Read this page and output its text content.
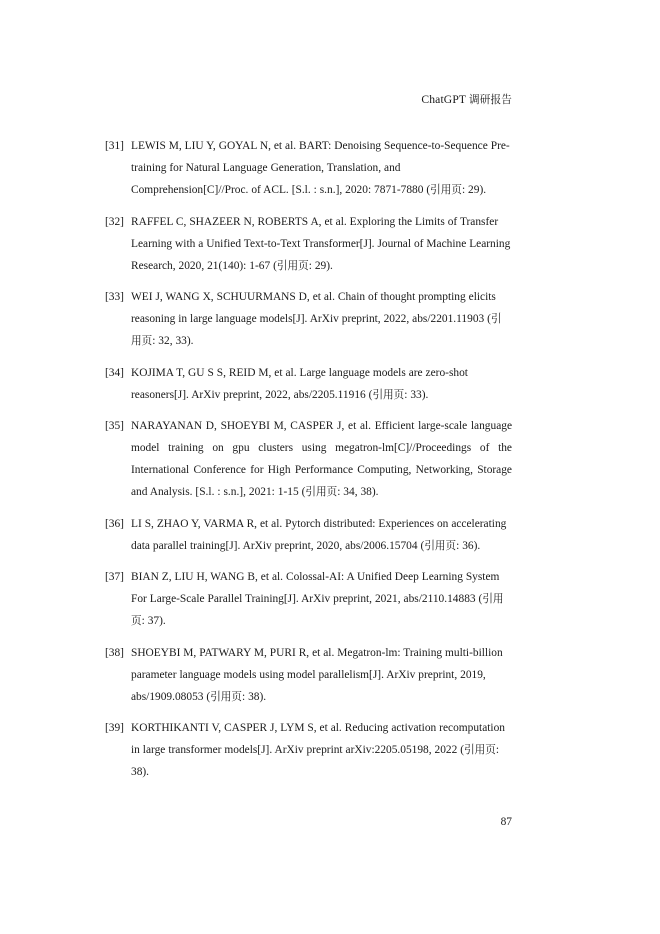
ChatGPT 调研报告
[31] LEWIS M, LIU Y, GOYAL N, et al. BART: Denoising Sequence-to-Sequence Pre-training for Natural Language Generation, Translation, and Comprehension[C]//Proc. of ACL. [S.l. : s.n.], 2020: 7871-7880 (引用页: 29).
[32] RAFFEL C, SHAZEER N, ROBERTS A, et al. Exploring the Limits of Transfer Learning with a Unified Text-to-Text Transformer[J]. Journal of Machine Learning Research, 2020, 21(140): 1-67 (引用页: 29).
[33] WEI J, WANG X, SCHUURMANS D, et al. Chain of thought prompting elicits reasoning in large language models[J]. ArXiv preprint, 2022, abs/2201.11903 (引用页: 32, 33).
[34] KOJIMA T, GU S S, REID M, et al. Large language models are zero-shot reasoners[J]. ArXiv preprint, 2022, abs/2205.11916 (引用页: 33).
[35] NARAYANAN D, SHOEYBI M, CASPER J, et al. Efficient large-scale language model training on gpu clusters using megatron-lm[C]//Proceedings of the International Conference for High Performance Computing, Networking, Storage and Analysis. [S.l. : s.n.], 2021: 1-15 (引用页: 34, 38).
[36] LI S, ZHAO Y, VARMA R, et al. Pytorch distributed: Experiences on accelerating data parallel training[J]. ArXiv preprint, 2020, abs/2006.15704 (引用页: 36).
[37] BIAN Z, LIU H, WANG B, et al. Colossal-AI: A Unified Deep Learning System For Large-Scale Parallel Training[J]. ArXiv preprint, 2021, abs/2110.14883 (引用页: 37).
[38] SHOEYBI M, PATWARY M, PURI R, et al. Megatron-lm: Training multi-billion parameter language models using model parallelism[J]. ArXiv preprint, 2019, abs/1909.08053 (引用页: 38).
[39] KORTHIKANTI V, CASPER J, LYM S, et al. Reducing activation recomputation in large transformer models[J]. ArXiv preprint arXiv:2205.05198, 2022 (引用页: 38).
87
